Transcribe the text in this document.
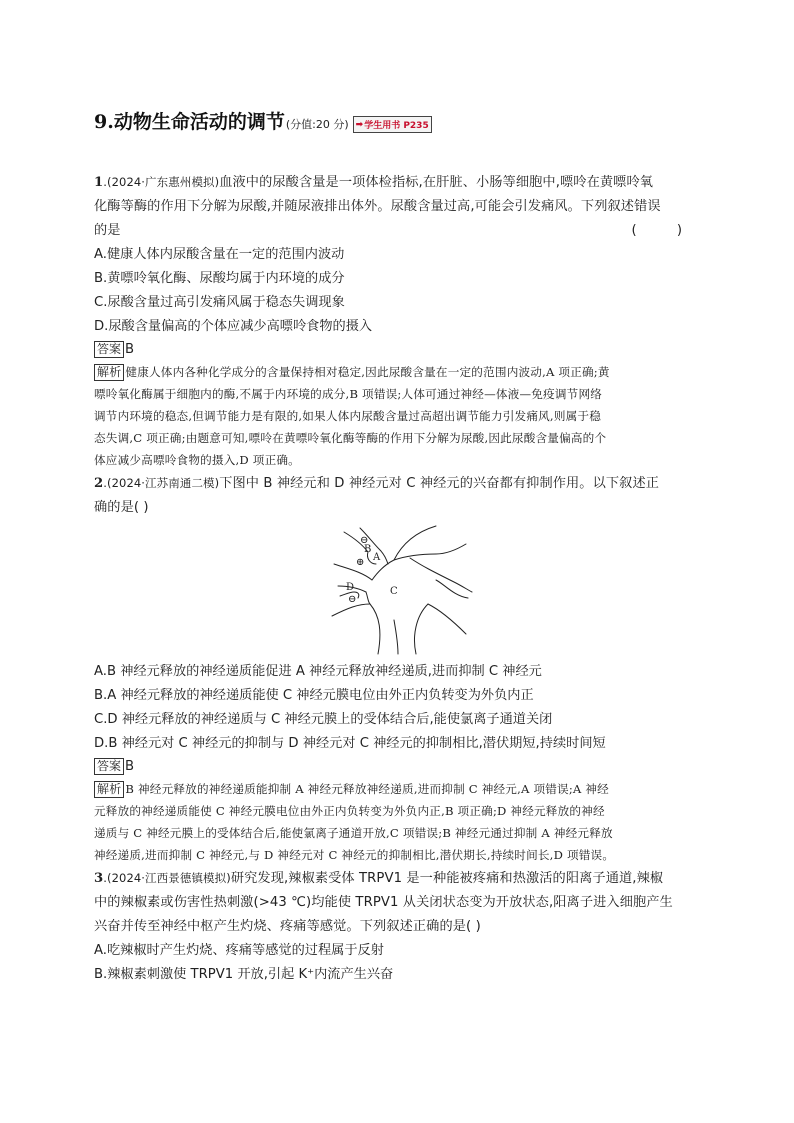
9.动物生命活动的调节 (分值:20 分) ➡ 学生用书 P235
1.(2024·广东惠州模拟)血液中的尿酸含量是一项体检指标,在肝脏、小肠等细胞中,嘌呤在黄嘌呤氧
化酶等酶的作用下分解为尿酸,并随尿液排出体外。尿酸含量过高,可能会引发痛风。下列叙述错误
的是	( )
A.健康人体内尿酸含量在一定的范围内波动
B.黄嘌呤氧化酶、尿酸均属于内环境的成分
C.尿酸含量过高引发痛风属于稳态失调现象
D.尿酸含量偏高的个体应减少高嘌呤食物的摄入
答案 B
解析 健康人体内各种化学成分的含量保持相对稳定,因此尿酸含量在一定的范围内波动,A 项正确;黄
嘌呤氧化酶属于细胞内的酶,不属于内环境的成分,B 项错误;人体可通过神经—体液—免疫调节网络
调节内环境的稳态,但调节能力是有限的,如果人体内尿酸含量过高超出调节能力引发痛风,则属于稳
态失调,C 项正确;由题意可知,嘌呤在黄嘌呤氧化酶等酶的作用下分解为尿酸,因此尿酸含量偏高的个
体应减少高嘌呤食物的摄入,D 项正确。
2.(2024·江苏南通二模)下图中 B 神经元和 D 神经元对 C 神经元的兴奋都有抑制作用。以下叙述正
确的是( )
⊖
B
A
⊕
D
⊖
C
A.B 神经元释放的神经递质能促进 A 神经元释放神经递质,进而抑制 C 神经元
B.A 神经元释放的神经递质能使 C 神经元膜电位由外正内负转变为外负内正
C.D 神经元释放的神经递质与 C 神经元膜上的受体结合后,能使氯离子通道关闭
D.B 神经元对 C 神经元的抑制与 D 神经元对 C 神经元的抑制相比,潜伏期短,持续时间短
答案 B
解析 B 神经元释放的神经递质能抑制 A 神经元释放神经递质,进而抑制 C 神经元,A 项错误;A 神经
元释放的神经递质能使 C 神经元膜电位由外正内负转变为外负内正,B 项正确;D 神经元释放的神经
递质与 C 神经元膜上的受体结合后,能使氯离子通道开放,C 项错误;B 神经元通过抑制 A 神经元释放
神经递质,进而抑制 C 神经元,与 D 神经元对 C 神经元的抑制相比,潜伏期长,持续时间长,D 项错误。
3.(2024·江西景德镇模拟)研究发现,辣椒素受体 TRPV1 是一种能被疼痛和热激活的阳离子通道,辣椒
中的辣椒素或伤害性热刺激(>43 ℃)均能使 TRPV1 从关闭状态变为开放状态,阳离子进入细胞产生
兴奋并传至神经中枢产生灼烧、疼痛等感觉。下列叙述正确的是( )
A.吃辣椒时产生灼烧、疼痛等感觉的过程属于反射
B.辣椒素刺激使 TRPV1 开放,引起 K⁺内流产生兴奋
